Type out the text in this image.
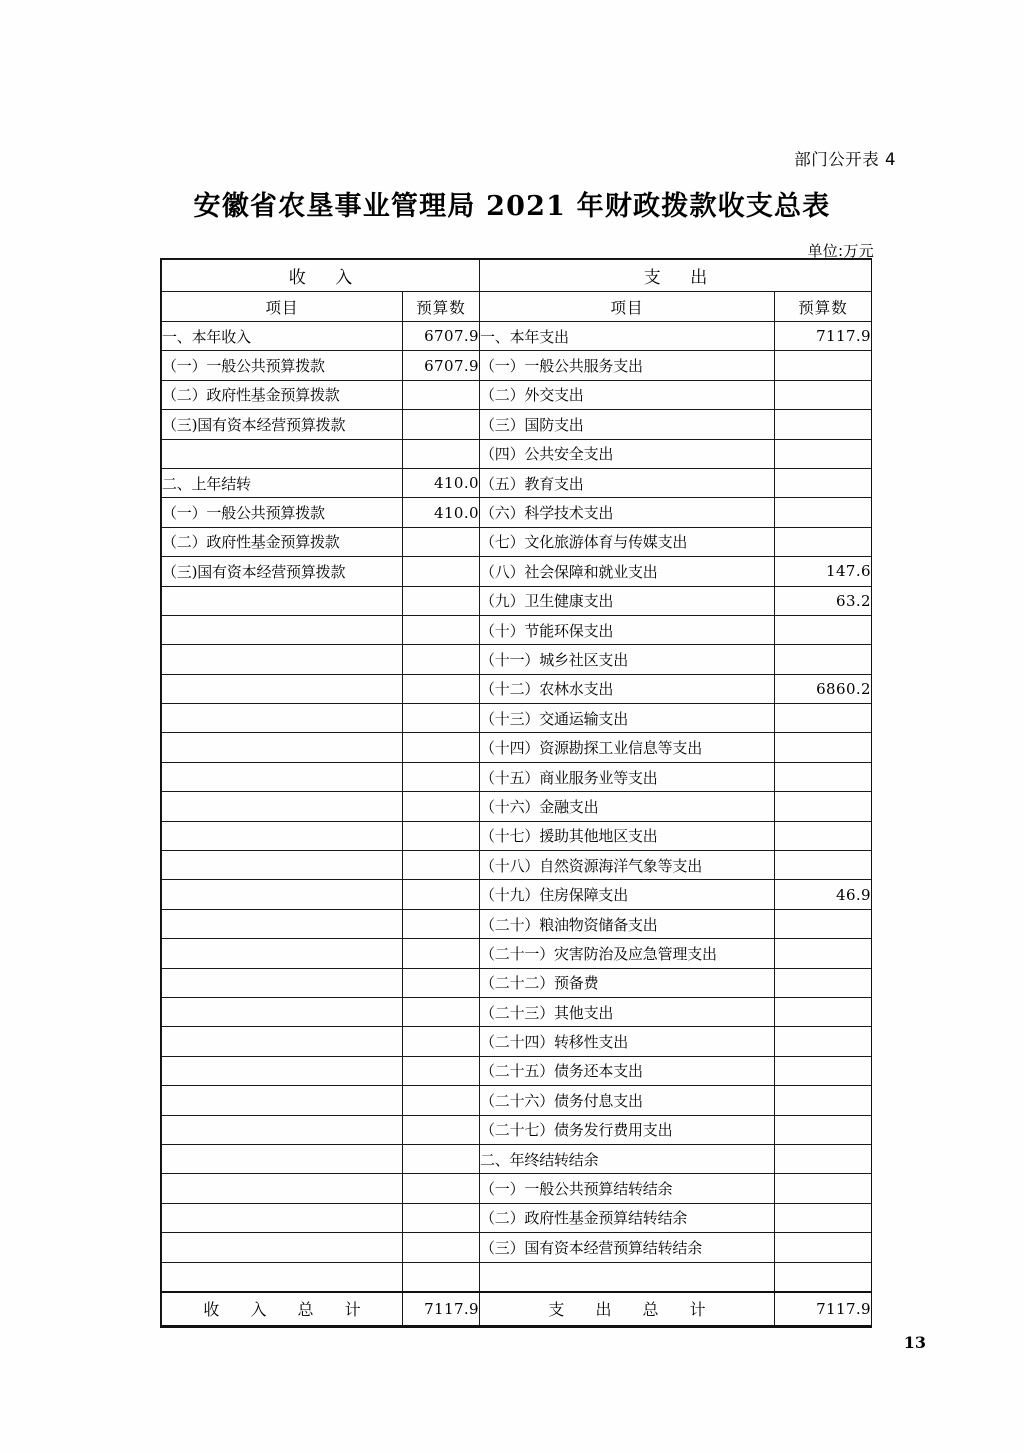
部门公开表 4
安徽省农垦事业管理局 2021 年财政拨款收支总表
单位:万元
收 入		支 出	
项目	预算数	项目	预算数
一、本年收入	6707.9	一、本年支出	7117.9
（一）一般公共预算拨款	6707.9	（一）一般公共服务支出	
（二）政府性基金预算拨款		（二）外交支出	
（三)国有资本经营预算拨款		（三）国防支出	
		（四）公共安全支出	
二、上年结转	410.0	（五）教育支出	
（一）一般公共预算拨款	410.0	（六）科学技术支出	
（二）政府性基金预算拨款		（七）文化旅游体育与传媒支出	
（三)国有资本经营预算拨款		（八）社会保障和就业支出	147.6
		（九）卫生健康支出	63.2
		（十）节能环保支出	
		（十一）城乡社区支出	
		（十二）农林水支出	6860.2
		（十三）交通运输支出	
		（十四）资源勘探工业信息等支出	
		（十五）商业服务业等支出	
		（十六）金融支出	
		（十七）援助其他地区支出	
		（十八）自然资源海洋气象等支出	
		（十九）住房保障支出	46.9
		（二十）粮油物资储备支出	
		（二十一）灾害防治及应急管理支出	
		（二十二）预备费	
		（二十三）其他支出	
		（二十四）转移性支出	
		（二十五）债务还本支出	
		（二十六）债务付息支出	
		（二十七）债务发行费用支出	
		二、年终结转结余	
		（一）一般公共预算结转结余	
		（二）政府性基金预算结转结余	
		（三）国有资本经营预算结转结余	

收 入 总 计	7117.9	支 出 总 计	7117.9
13
